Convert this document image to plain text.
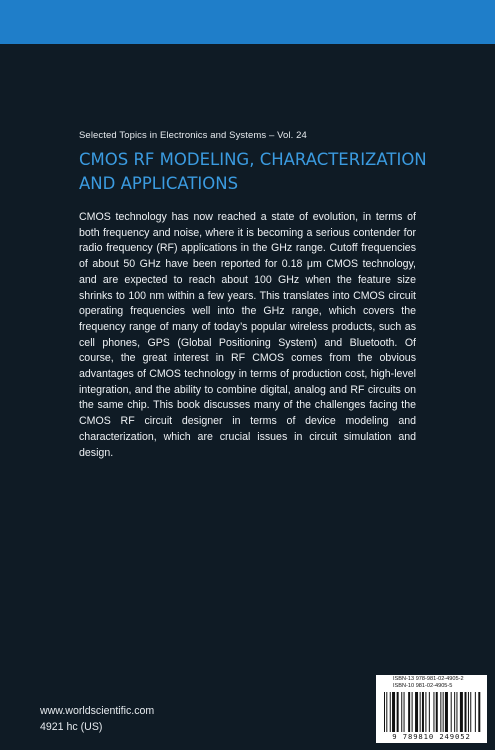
Selected Topics in Electronics and Systems – Vol. 24
CMOS RF MODELING, CHARACTERIZATION
AND APPLICATIONS
CMOS technology has now reached a state of evolution, in terms of both frequency and noise, where it is becoming a serious contender for radio frequency (RF) applications in the GHz range. Cutoff frequencies of about 50 GHz have been reported for 0.18 μm CMOS technology, and are expected to reach about 100 GHz when the feature size shrinks to 100 nm within a few years. This translates into CMOS circuit operating frequencies well into the GHz range, which covers the frequency range of many of today’s popular wireless products, such as cell phones, GPS (Global Positioning System) and Bluetooth. Of course, the great interest in RF CMOS comes from the obvious advantages of CMOS technology in terms of production cost, high-level integration, and the ability to combine digital, analog and RF circuits on the same chip. This book discusses many of the challenges facing the CMOS RF circuit designer in terms of device modeling and characterization, which are crucial issues in circuit simulation and design.
www.worldscientific.com
4921 hc (US)
ISBN-13 978-981-02-4905-2
ISBN-10 981-02-4905-5
9 789810 249052
